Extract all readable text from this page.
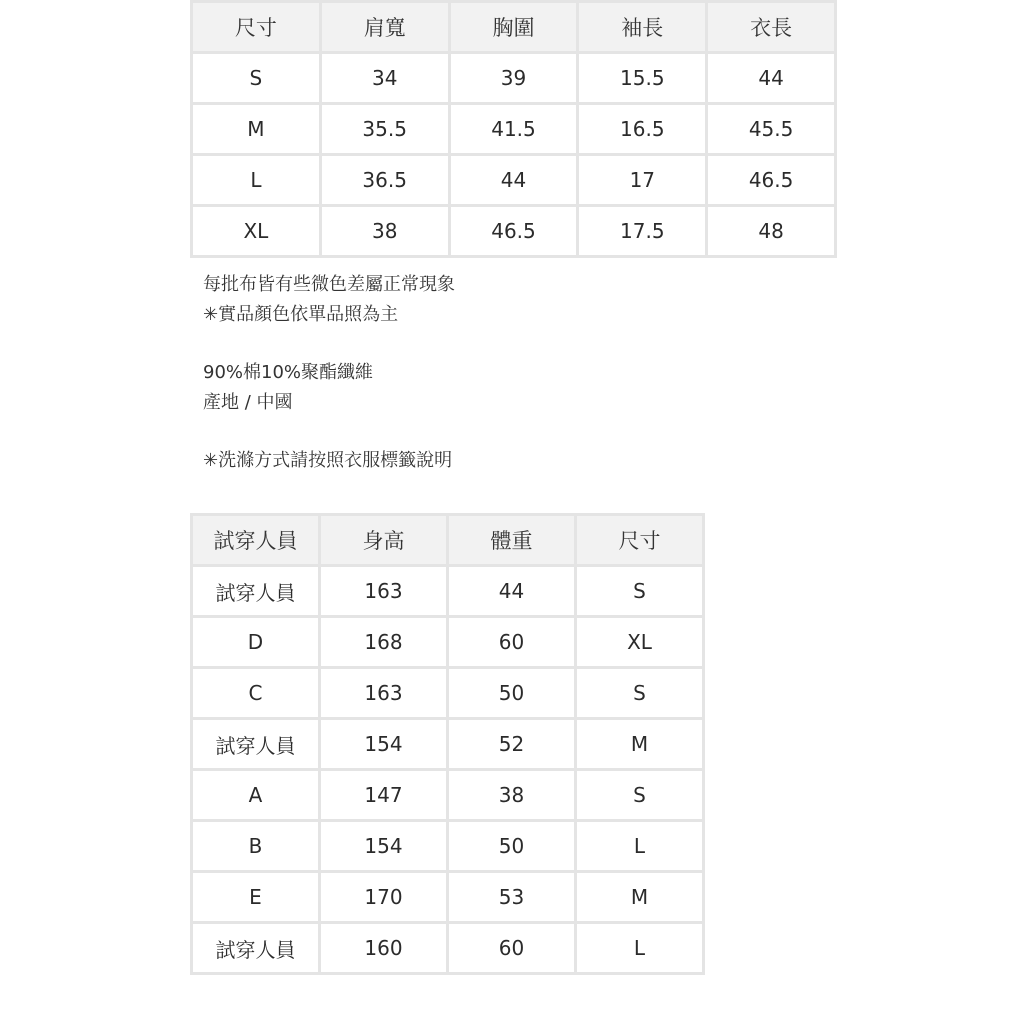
尺寸	肩寬	胸圍	袖長	衣長
S	34	39	15.5	44
M	35.5	41.5	16.5	45.5
L	36.5	44	17	46.5
XL	38	46.5	17.5	48
每批布皆有些微色差屬正常現象
✳實品顏色依單品照為主
90%棉10%聚酯纖維
產地 / 中國
✳洗滌方式請按照衣服標籤說明
試穿人員	身高	體重	尺寸
試穿人員	163	44	S
D	168	60	XL
C	163	50	S
試穿人員	154	52	M
A	147	38	S
B	154	50	L
E	170	53	M
試穿人員	160	60	L
